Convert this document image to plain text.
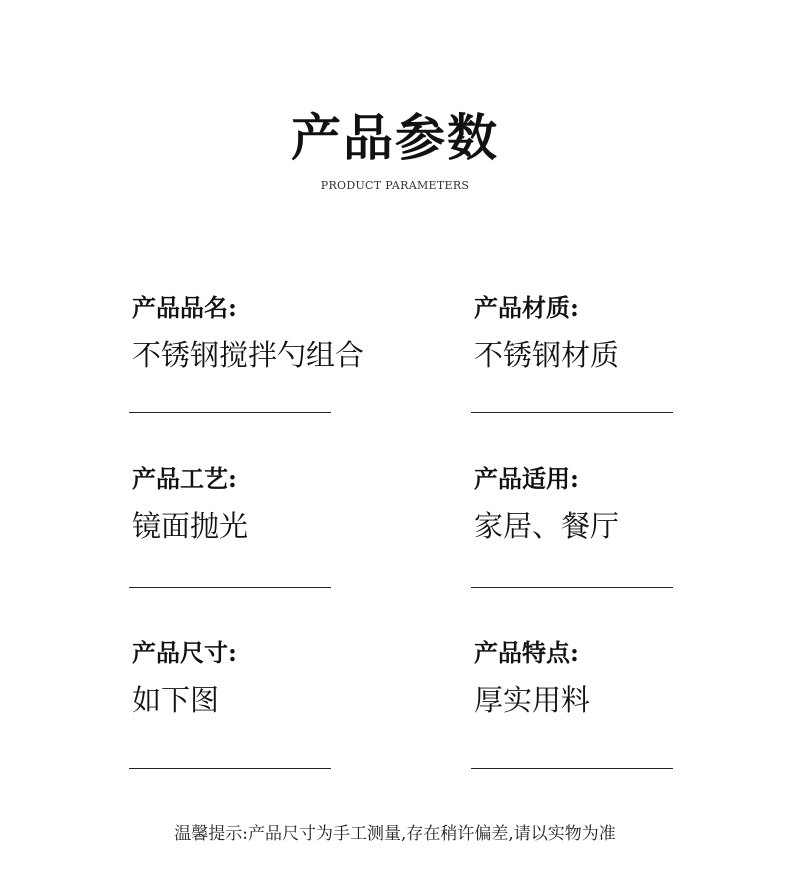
产品参数
PRODUCT PARAMETERS
产品品名:
不锈钢搅拌勺组合
产品材质:
不锈钢材质
产品工艺:
镜面抛光
产品适用:
家居、餐厅
产品尺寸:
如下图
产品特点:
厚实用料
温馨提示:产品尺寸为手工测量,存在稍许偏差,请以实物为准
